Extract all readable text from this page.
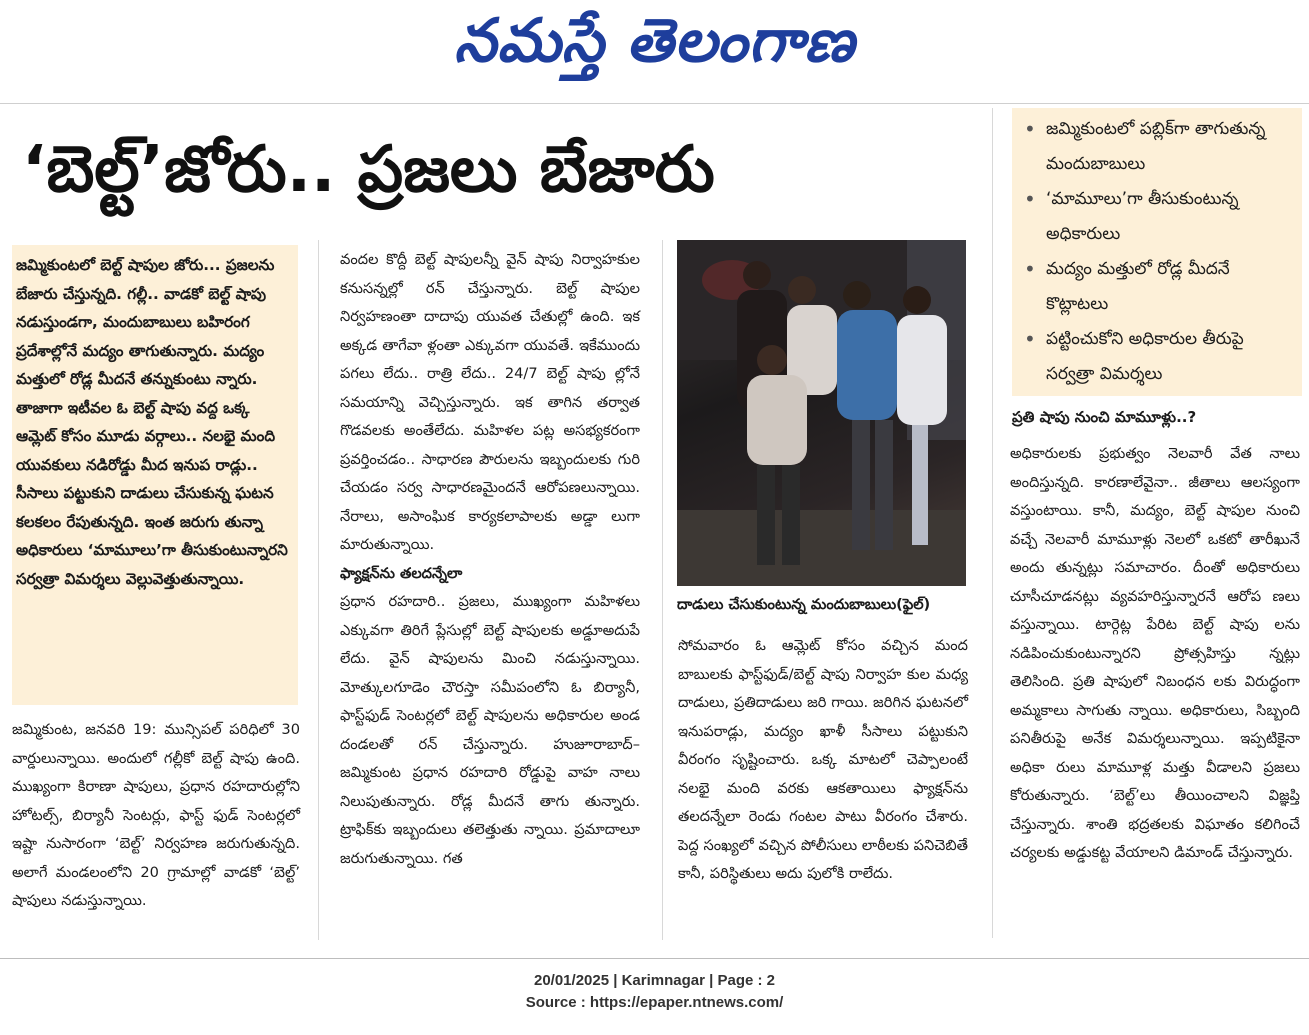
నమస్తే తెలంగాణ
‘బెల్ట్’జోరు.. ప్రజలు బేజారు

జమ్మికుంటలో బెల్ట్ షాపుల జోరు... ప్రజలను బేజారు చేస్తున్నది. గల్లీ.. వాడకో బెల్ట్ షాపు నడుస్తుండగా, మందుబాబులు బహిరంగ ప్రదేశాల్లోనే మద్యం తాగుతున్నారు. మద్యం మత్తులో రోడ్ల మీదనే తన్నుకుంటు న్నారు. తాజాగా ఇటీవల ఓ బెల్ట్ షాపు వద్ద ఒక్క ఆమ్లెట్ కోసం మూడు వర్గాలు.. నలభై మంది యువకులు నడిరోడ్డు మీద ఇనుప రాడ్లు.. సీసాలు పట్టుకుని దాడులు చేసుకున్న ఘటన కలకలం రేపుతున్నది. ఇంత జరుగు తున్నా అధికారులు ‘మామూలు’గా తీసుకుంటున్నారని సర్వత్రా విమర్శలు వెల్లువెత్తుతున్నాయి.

జమ్మికుంట, జనవరి 19: మున్సిపల్ పరిధిలో 30 వార్డులున్నాయి. అందులో గల్లీకో బెల్ట్ షాపు ఉంది. ముఖ్యంగా కిరాణా షాపులు, ప్రధాన రహదారుల్లోని హోటల్స్, బిర్యానీ సెంటర్లు, ఫాస్ట్ ఫుడ్ సెంటర్లలో ఇష్టా నుసారంగా ‘బెల్ట్’ నిర్వహణ జరుగుతున్నది. అలాగే మండలంలోని 20 గ్రామాల్లో వాడకో ‘బెల్ట్’ షాపులు నడుస్తున్నాయి.

వందల కొద్దీ బెల్ట్ షాపులన్నీ వైన్ షాపు నిర్వాహకుల కనుసన్నల్లో రన్ చేస్తున్నారు. బెల్ట్ షాపుల నిర్వహణంతా దాదాపు యువత చేతుల్లో ఉంది. ఇక అక్కడ తాగేవా ళ్లంతా ఎక్కువగా యువతే. ఇకేముందు పగలు లేదు.. రాత్రి లేదు.. 24/7 బెల్ట్ షాపు ల్లోనే సమయాన్ని వెచ్చిస్తున్నారు. ఇక తాగిన తర్వాత గొడవలకు అంతేలేదు. మహిళల పట్ల అసభ్యకరంగా ప్రవర్తించడం.. సాధారణ పౌరులను ఇబ్బందులకు గురి చేయడం సర్వ సాధారణమైందనే ఆరోపణలున్నాయి. నేరాలు, అసాంఘిక కార్యకలాపాలకు అడ్డా లుగా మారుతున్నాయి.

ఫ్యాక్షన్‌ను తలదన్నేలా

ప్రధాన రహదారి.. ప్రజలు, ముఖ్యంగా మహిళలు ఎక్కువగా తిరిగే ప్లేసుల్లో బెల్ట్ షాపులకు అడ్డూఅదుపే లేదు. వైన్ షాపులను మించి నడుస్తున్నాయి. మోత్కులగూడెం చౌరస్తా సమీపంలోని ఓ బిర్యానీ, ఫాస్ట్‌ఫుడ్ సెంటర్లలో బెల్ట్ షాపులను అధికారుల అండ దండలతో రన్ చేస్తున్నారు. హుజూరాబాద్– జమ్మికుంట ప్రధాన రహదారి రోడ్డుపై వాహ నాలు నిలుపుతున్నారు. రోడ్ల మీదనే తాగు తున్నారు. ట్రాఫిక్‌కు ఇబ్బందులు తలెత్తుతు న్నాయి. ప్రమాదాలూ జరుగుతున్నాయి. గత

దాడులు చేసుకుంటున్న మందుబాబులు(ఫైల్)

సోమవారం ఓ ఆమ్లెట్ కోసం వచ్చిన మంద బాబులకు ఫాస్ట్‌ఫుడ్/బెల్ట్ షాపు నిర్వాహ కుల మధ్య దాడులు, ప్రతిదాడులు జరి గాయి. జరిగిన ఘటనలో ఇనుపరాడ్లు, మద్యం ఖాళీ సీసాలు పట్టుకుని వీరంగం సృష్టించారు. ఒక్క మాటలో చెప్పాలంటే నలభై మంది వరకు ఆకతాయిలు ఫ్యాక్షన్‌ను తలదన్నేలా రెండు గంటల పాటు వీరంగం చేశారు. పెద్ద సంఖ్యలో వచ్చిన పోలీసులు లాఠీలకు పనిచెబితే కానీ, పరిస్థితులు అదు పులోకి రాలేదు.

• జమ్మికుంటలో పబ్లిక్‌గా తాగుతున్న మందుబాబులు
• ‘మామూలు’గా తీసుకుంటున్న అధికారులు
• మద్యం మత్తులో రోడ్ల మీదనే కొట్లాటలు
• పట్టించుకోని అధికారుల తీరుపై సర్వత్రా విమర్శలు
ప్రతి షాపు నుంచి మామూళ్లు..?

అధికారులకు ప్రభుత్వం నెలవారీ వేత నాలు అందిస్తున్నది. కారణాలేవైనా.. జీతాలు ఆలస్యంగా వస్తుంటాయి. కానీ, మద్యం, బెల్ట్ షాపుల నుంచి వచ్చే నెలవారీ మామూళ్లు నెలలో ఒకటో తారీఖునే అందు తున్నట్లు సమాచారం. దీంతో అధికారులు చూసీచూడనట్లు వ్యవహరిస్తున్నారనే ఆరోప ణలు వస్తున్నాయి. టార్గెట్ల పేరిట బెల్ట్ షాపు లను నడిపించుకుంటున్నారని ప్రోత్సహిస్తు న్నట్లు తెలిసింది. ప్రతి షాపులో నిబంధన లకు విరుద్ధంగా అమ్మకాలు సాగుతు న్నాయి. అధికారులు, సిబ్బంది పనితీరుపై అనేక విమర్శలున్నాయి. ఇప్పటికైనా అధికా రులు మామూళ్ల మత్తు వీడాలని ప్రజలు కోరుతున్నారు. ‘బెల్ట్’లు తీయించాలని విజ్ఞప్తి చేస్తున్నారు. శాంతి భద్రతలకు విఘాతం కలిగించే చర్యలకు అడ్డుకట్ట వేయాలని డిమాండ్ చేస్తున్నారు.

20/01/2025 | Karimnagar | Page : 2
Source : https://epaper.ntnews.com/
